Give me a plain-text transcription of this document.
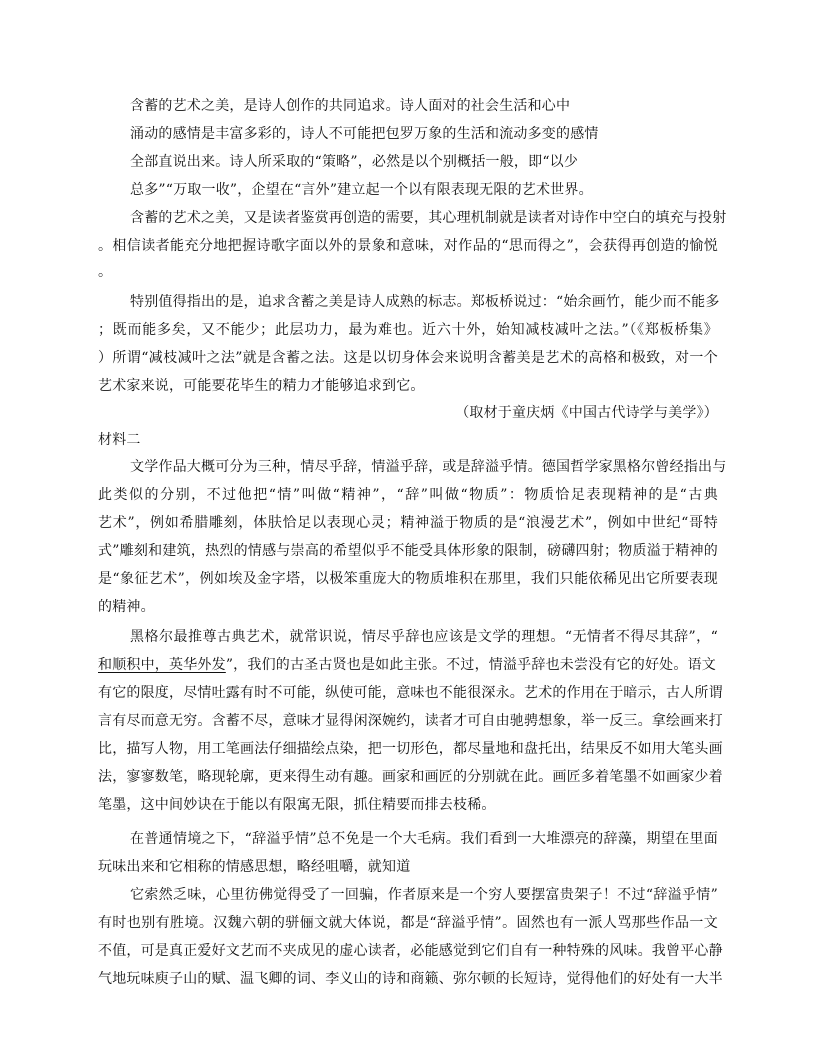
含蓄的艺术之美，是诗人创作的共同追求。诗人面对的社会生活和心中
涌动的感情是丰富多彩的，诗人不可能把包罗万象的生活和流动多变的感情
全部直说出来。诗人所采取的“策略”，必然是以个别概括一般，即“以少
总多”“万取一收”，企望在“言外”建立起一个以有限表现无限的艺术世界。
含蓄的艺术之美，又是读者鉴赏再创造的需要，其心理机制就是读者对诗作中空白的填充与投射
。相信读者能充分地把握诗歌字面以外的景象和意味，对作品的“思而得之”，会获得再创造的愉悦
。
特别值得指出的是，追求含蓄之美是诗人成熟的标志。郑板桥说过：“始余画竹，能少而不能多
；既而能多矣，又不能少；此层功力，最为难也。近六十外，始知减枝减叶之法。”（《郑板桥集》
）所谓“减枝减叶之法”就是含蓄之法。这是以切身体会来说明含蓄美是艺术的高格和极致，对一个
艺术家来说，可能要花毕生的精力才能够追求到它。
（取材于童庆炳《中国古代诗学与美学》）
材料二
文学作品大概可分为三种，情尽乎辞，情溢乎辞，或是辞溢乎情。德国哲学家黑格尔曾经指出与
此类似的分别，不过他把“情”叫做“精神”，“辞”叫做“物质”：物质恰足表现精神的是“古典
艺术”，例如希腊雕刻，体肤恰足以表现心灵；精神溢于物质的是“浪漫艺术”，例如中世纪“哥特
式”雕刻和建筑，热烈的情感与崇高的希望似乎不能受具体形象的限制，磅礴四射；物质溢于精神的
是“象征艺术”，例如埃及金字塔，以极笨重庞大的物质堆积在那里，我们只能依稀见出它所要表现
的精神。
黑格尔最推尊古典艺术，就常识说，情尽乎辞也应该是文学的理想。“无情者不得尽其辞”，“
和顺积中，英华外发”，我们的古圣古贤也是如此主张。不过，情溢乎辞也未尝没有它的好处。语文
有它的限度，尽情吐露有时不可能，纵使可能，意味也不能很深永。艺术的作用在于暗示，古人所谓
言有尽而意无穷。含蓄不尽，意味才显得闲深婉约，读者才可自由驰骋想象，举一反三。拿绘画来打
比，描写人物，用工笔画法仔细描绘点染，把一切形色，都尽量地和盘托出，结果反不如用大笔头画
法，寥寥数笔，略现轮廓，更来得生动有趣。画家和画匠的分别就在此。画匠多着笔墨不如画家少着
笔墨，这中间妙诀在于能以有限寓无限，抓住精要而排去枝稀。
在普通情境之下，“辞溢乎情”总不免是一个大毛病。我们看到一大堆漂亮的辞藻，期望在里面
玩味出来和它相称的情感思想，略经咀嚼，就知道
它索然乏味，心里彷佛觉得受了一回骗，作者原来是一个穷人要摆富贵架子！不过“辞溢乎情”
有时也别有胜境。汉魏六朝的骈俪文就大体说，都是“辞溢乎情”。固然也有一派人骂那些作品一文
不值，可是真正爱好文艺而不夹成见的虚心读者，必能感觉到它们自有一种特殊的风味。我曾平心静
气地玩味庾子山的赋、温飞卿的词、李义山的诗和商籁、弥尔顿的长短诗，觉得他们的好处有一大半
